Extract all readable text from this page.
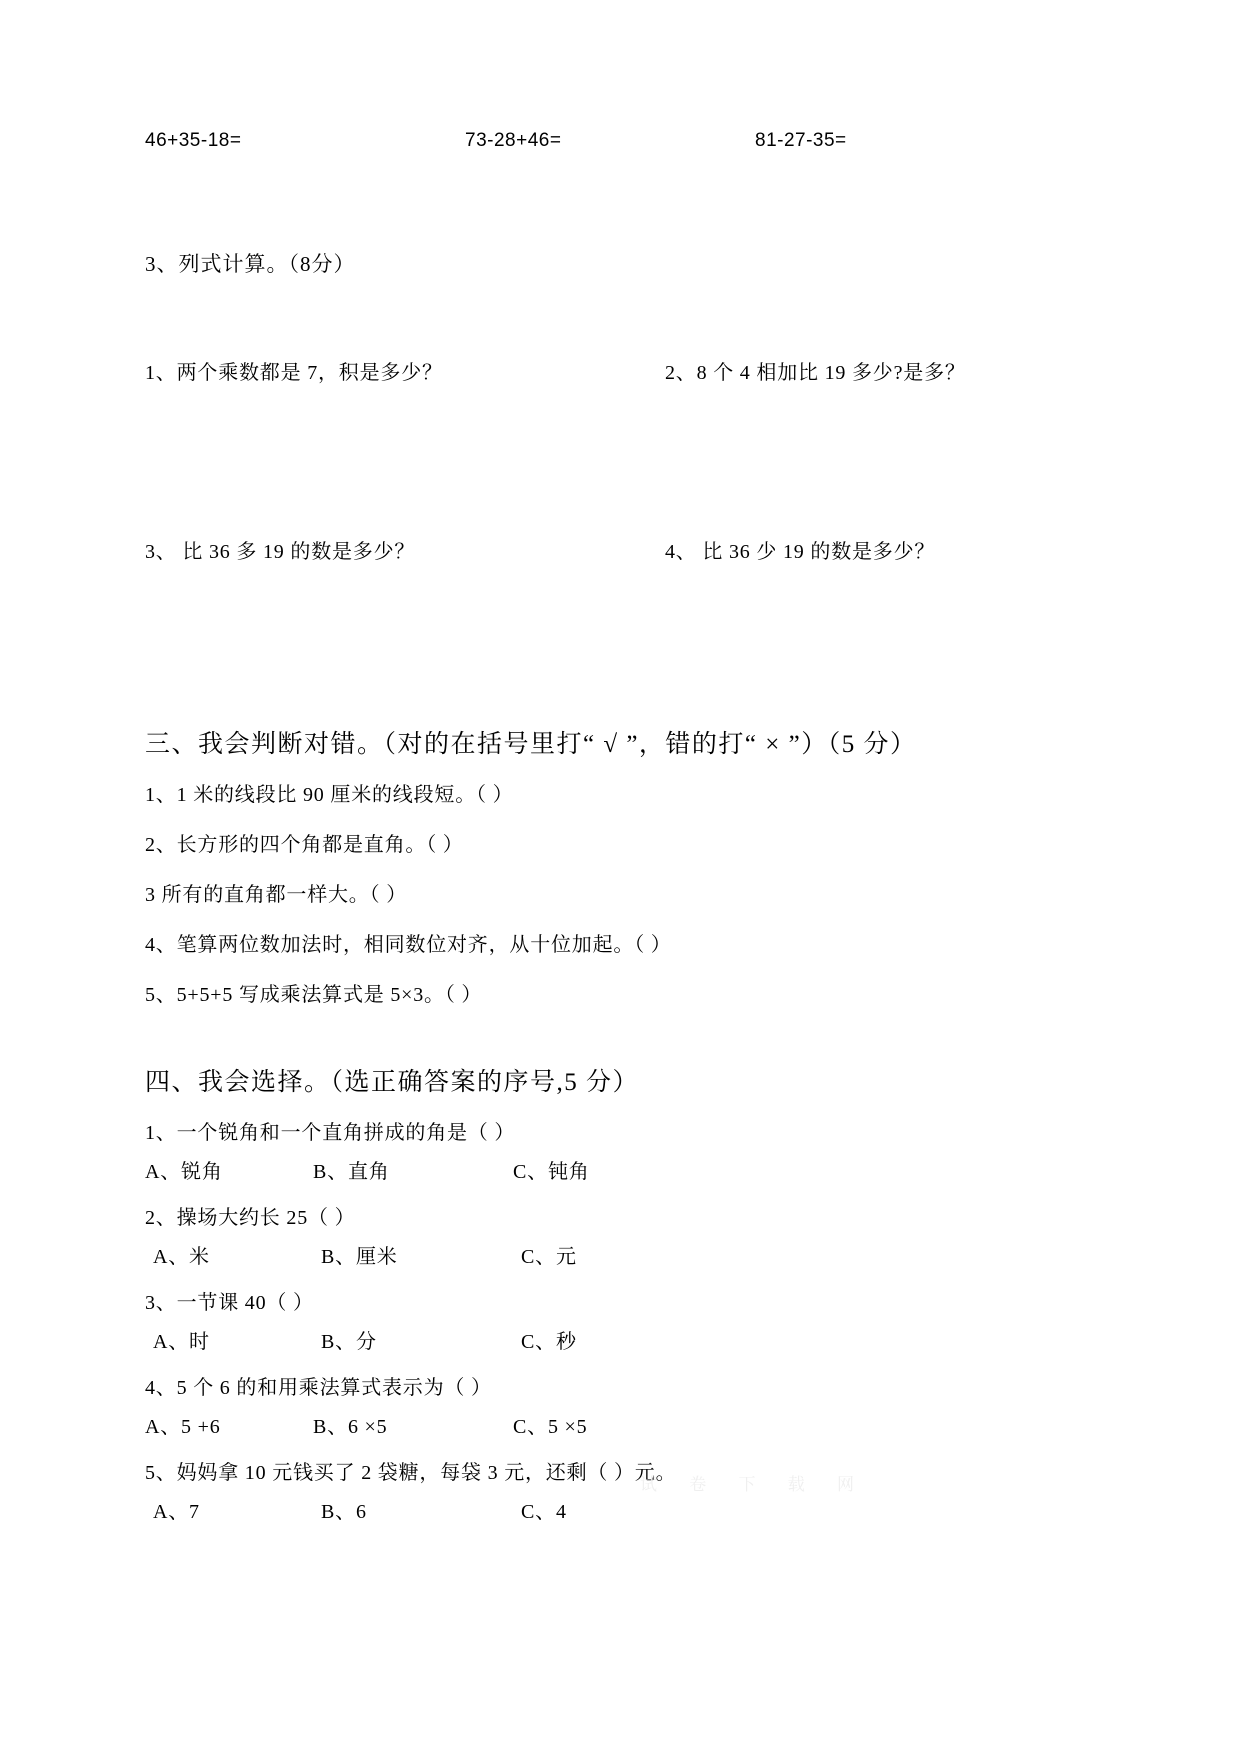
46+35-18=	73-28+46=	81-27-35=
3、列式计算。（8分）
1、两个乘数都是 7，积是多少？	2、8 个 4 相加比 19 多少?是多？
3、 比 36 多 19 的数是多少？	4、 比 36 少 19 的数是多少？
三、我会判断对错。（对的在括号里打“ √ ”，错的打“ × ”）（5 分）
1、1 米的线段比 90 厘米的线段短。（ ）
2、长方形的四个角都是直角。（ ）
3 所有的直角都一样大。（ ）
4、笔算两位数加法时，相同数位对齐，从十位加起。（ ）
5、5+5+5 写成乘法算式是 5×3。（ ）
四、我会选择。（选正确答案的序号,5 分）
1、一个锐角和一个直角拼成的角是（ ）
A、锐角	B、直角	C、钝角
2、操场大约长 25（ ）
A、米	B、厘米	C、元
3、一节课 40（ ）
A、时	B、分	C、秒
4、5 个 6 的和用乘法算式表示为（ ）
A、5 +6	B、6 ×5	C、5 ×5
5、妈妈拿 10 元钱买了 2 袋糖，每袋 3 元，还剩（ ）元。
A、7	B、6	C、4
试 卷 下 载 网
